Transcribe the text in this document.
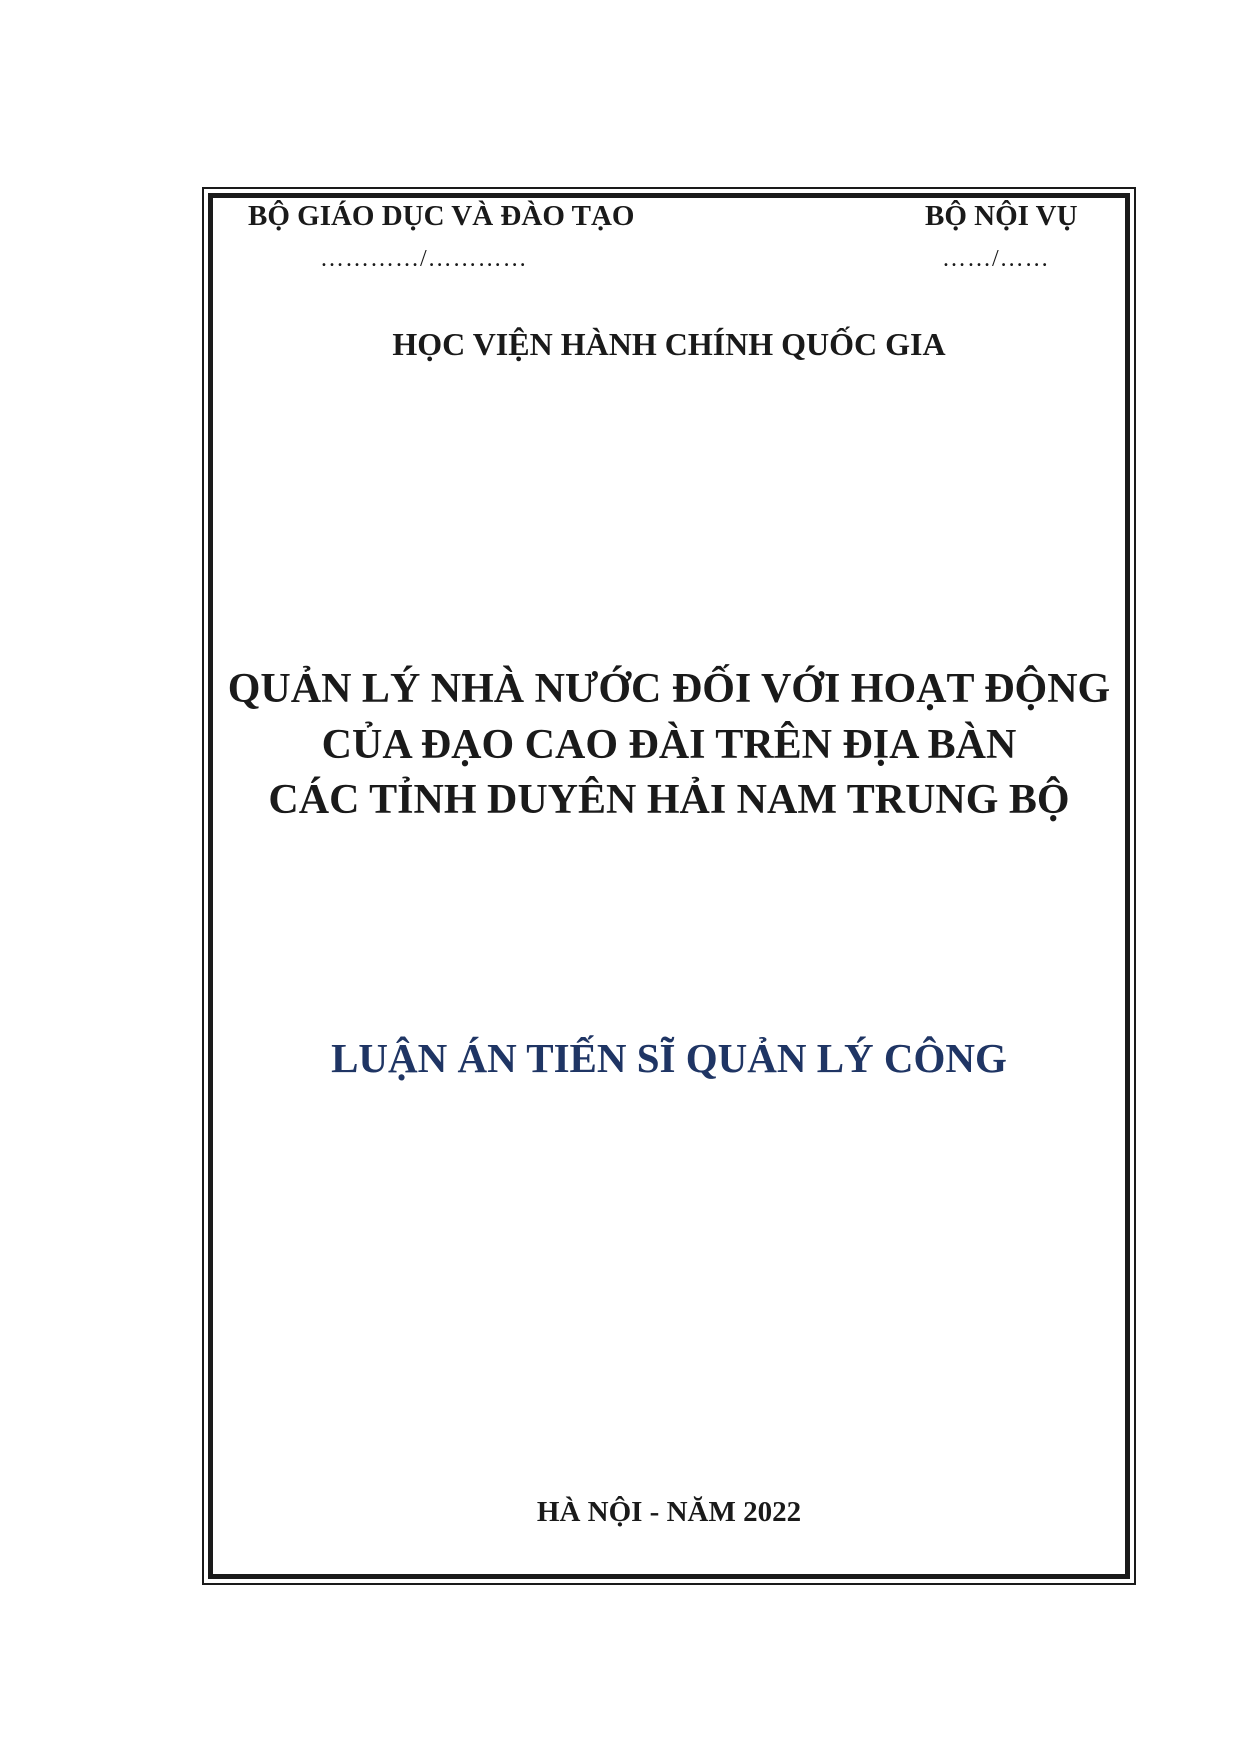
BỘ GIÁO DỤC VÀ ĐÀO TẠO	BỘ NỘI VỤ
…………/…………	……/……
HỌC VIỆN HÀNH CHÍNH QUỐC GIA
QUẢN LÝ NHÀ NƯỚC ĐỐI VỚI HOẠT ĐỘNG
CỦA ĐẠO CAO ĐÀI TRÊN ĐỊA BÀN
CÁC TỈNH DUYÊN HẢI NAM TRUNG BỘ
LUẬN ÁN TIẾN SĨ QUẢN LÝ CÔNG
HÀ NỘI - NĂM 2022
